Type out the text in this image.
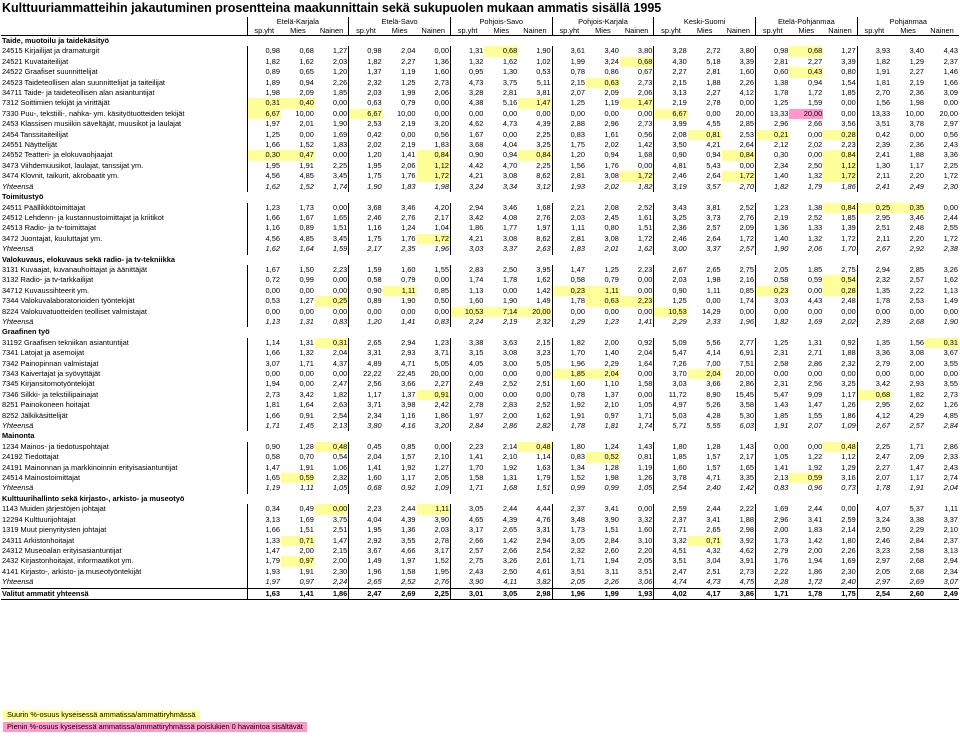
Kulttuuriammatteihin jakautuminen prosentteina maakunnittain sekä sukupuolen mukaan ammatis sisällä 1995
	Etelä-Karjala			Etelä-Savo			Pohjois-Savo			Pohjois-Karjala			Keski-Suomi			Etelä-Pohjanmaa			Pohjanmaa		
	sp.yht	Mies	Nainen	sp.yht	Mies	Nainen	sp.yht	Mies	Nainen	sp.yht	Mies	Nainen	sp.yht	Mies	Nainen	sp.yht	Mies	Nainen	sp.yht	Mies	Nainen
Taide, muotoilu ja taidekäsityö																					
24515 Kirjailijat ja dramaturgit	0,98	0,68	1,27	0,98	2,04	0,00	1,31	0,68	1,90	3,61	3,40	3,80	3,28	2,72	3,80	0,98	0,68	1,27	3,93	3,40	4,43
24521 Kuvataiteilijat	1,82	1,62	2,03	1,82	2,27	1,36	1,32	1,62	1,02	1,99	3,24	0,68	4,30	5,18	3,39	2,81	2,27	3,39	1,82	1,29	2,37
24522 Graafiset suunnittelijat	0,89	0,65	1,20	1,37	1,19	1,60	0,95	1,30	0,53	0,78	0,86	0,67	2,27	2,81	1,60	0,60	0,43	0,80	1,91	2,27	1,46
24523 Taideteollisen alan suunnittelijat ja taiteilijat	1,89	0,94	2,26	2,32	1,25	2,73	4,73	3,75	5,11	2,15	0,63	2,73	2,15	1,88	2,26	1,38	0,94	1,54	1,81	2,19	1,66
34711 Taide- ja taideteollisen alan asiantuntijat	1,98	2,09	1,85	2,03	1,99	2,06	3,28	2,81	3,81	2,07	2,09	2,06	3,13	2,27	4,12	1,78	1,72	1,85	2,70	2,36	3,09
7312 Soittimien tekijät ja virittäjät	0,31	0,40	0,00	0,63	0,79	0,00	4,38	5,16	1,47	1,25	1,19	1,47	2,19	2,78	0,00	1,25	1,59	0,00	1,56	1,98	0,00
7330 Puu-, tekstiili-, nahka- ym. käsityötuotteiden tekijät	6,67	10,00	0,00	6,67	10,00	0,00	0,00	0,00	0,00	0,00	0,00	0,00	6,67	0,00	20,00	13,33	20,00	0,00	13,33	10,00	20,00
2453 Klassisen musiikin säveltäjät, muusikot ja laulajat	1,97	2,01	1,90	2,53	2,19	3,20	4,62	4,73	4,39	2,88	2,96	2,73	3,99	4,55	2,85	2,96	2,66	3,56	3,51	3,78	2,97
2454 Tanssitaiteilijat	1,25	0,00	1,69	0,42	0,00	0,56	1,67	0,00	2,25	0,83	1,61	0,56	2,08	0,81	2,53	0,21	0,00	0,28	0,42	0,00	0,56
24551 Näyttelijät	1,66	1,52	1,83	2,02	2,19	1,83	3,68	4,04	3,25	1,75	2,02	1,42	3,50	4,21	2,64	2,12	2,02	2,23	2,39	2,36	2,43
24552 Teatteri- ja elokuvaohjaajat	0,30	0,47	0,00	1,20	1,41	0,84	0,90	0,94	0,84	1,20	0,94	1,68	0,90	0,94	0,84	0,30	0,00	0,84	2,41	1,88	3,36
3473 Viihdemuusikot, laulajat, tanssijat ym.	1,95	1,91	2,25	1,95	2,06	1,12	4,42	4,70	2,25	1,56	1,76	0,00	4,81	5,43	0,00	2,34	2,50	1,12	1,30	1,17	2,25
3474 Klovnit, taikurit, akrobaatit ym.	4,56	4,85	3,45	1,75	1,76	1,72	4,21	3,08	8,62	2,81	3,08	1,72	2,46	2,64	1,72	1,40	1,32	1,72	2,11	2,20	1,72
Yhteensä	1,62	1,52	1,74	1,90	1,83	1,98	3,24	3,34	3,12	1,93	2,02	1,82	3,19	3,57	2,70	1,82	1,79	1,86	2,41	2,49	2,30
Toimitustyö																					
24511 Päällikkötoimittajat	1,23	1,73	0,00	3,68	3,46	4,20	2,94	3,46	1,68	2,21	2,08	2,52	3,43	3,81	2,52	1,23	1,38	0,84	0,25	0,35	0,00
24512 Lehdenn- ja kustannustoimittajat ja kriitikot	1,66	1,67	1,65	2,46	2,76	2,17	3,42	4,08	2,76	2,03	2,45	1,61	3,25	3,73	2,76	2,19	2,52	1,85	2,95	3,46	2,44
24513 Radio- ja tv-toimittajat	1,16	0,89	1,51	1,16	1,24	1,04	1,86	1,77	1,97	1,11	0,80	1,51	2,36	2,57	2,09	1,36	1,33	1,39	2,51	2,48	2,55
3472 Juontajat, kuuluttajat ym.	4,56	4,85	3,45	1,75	1,76	1,72	4,21	3,08	8,62	2,81	3,08	1,72	2,46	2,64	1,72	1,40	1,32	1,72	2,11	2,20	1,72
Yhteensä	1,62	1,64	1,59	2,17	2,35	1,96	3,03	3,37	2,63	1,83	2,01	1,62	3,00	3,37	2,57	1,90	2,06	1,70	2,67	2,92	2,38
Valokuvaus, elokuvaus sekä radio- ja tv-tekniikka																					
3131 Kuvaajat, kuvanauhoittajat ja äänittäjät	1,67	1,50	2,23	1,59	1,60	1,55	2,83	2,50	3,95	1,47	1,25	2,23	2,67	2,65	2,75	2,05	1,85	2,75	2,94	2,85	3,26
3132 Radio- ja tv-tarkkailijat	0,72	0,99	0,00	0,58	0,79	0,00	1,74	1,78	1,62	0,58	0,79	0,00	2,03	1,98	2,16	0,58	0,59	0,54	2,32	2,57	1,62
34712 Kuvaussihteerit ym.	0,00	0,00	0,00	0,90	1,11	0,85	1,13	0,00	1,42	0,23	1,11	0,00	0,90	1,11	0,85	0,23	0,00	0,28	1,35	2,22	1,13
7344 Valokuvalaboratorioiden työntekijät	0,53	1,27	0,25	0,89	1,90	0,50	1,60	1,90	1,49	1,78	0,63	2,23	1,25	0,00	1,74	3,03	4,43	2,48	1,78	2,53	1,49
8224 Valokuvatuotteiden teolliset valmistajat	0,00	0,00	0,00	0,00	0,00	0,00	10,53	7,14	20,00	0,00	0,00	0,00	10,53	14,29	0,00	0,00	0,00	0,00	0,00	0,00	0,00
Yhteensä	1,13	1,31	0,83	1,20	1,41	0,83	2,24	2,19	2,32	1,29	1,23	1,41	2,29	2,33	1,96	1,82	1,69	2,02	2,39	2,68	1,90
Graafinen työ																					
31192 Graafisen tekniikan asiantuntijat	1,14	1,31	0,31	2,65	2,94	1,23	3,38	3,63	2,15	1,82	2,00	0,92	5,09	5,56	2,77	1,25	1,31	0,92	1,35	1,56	0,31
7341 Latojat ja asemoijat	1,66	1,32	2,04	3,31	2,93	3,71	3,15	3,08	3,23	1,70	1,40	2,04	5,47	4,14	6,91	2,31	2,71	1,88	3,36	3,08	3,67
7342 Painopinnan valmistajat	3,07	1,71	4,37	4,89	4,71	5,05	4,05	3,00	5,05	1,96	2,29	1,64	7,26	7,00	7,51	2,58	2,86	2,32	2,79	2,00	3,55
7343 Kaivertajat ja syövyttäjät	0,00	0,00	0,00	22,22	22,45	20,00	0,00	0,00	0,00	1,85	2,04	0,00	3,70	2,04	20,00	0,00	0,00	0,00	0,00	0,00	0,00
7345 Kirjansitomotyöntekijät	1,94	0,00	2,47	2,56	3,66	2,27	2,49	2,52	2,51	1,60	1,10	1,58	3,03	3,66	2,86	2,31	2,56	3,25	3,42	2,93	3,55
7346 Silkki- ja tekstiilipainajat	2,73	3,42	1,82	1,17	1,37	0,91	0,00	0,00	0,00	0,78	1,37	0,00	11,72	8,90	15,45	5,47	9,09	1,17	0,68	1,82	2,73
8251 Painokoneen hoitajat	1,81	1,64	2,63	3,71	3,98	2,42	2,78	2,83	2,52	1,92	2,10	1,05	4,97	5,26	3,58	1,43	1,47	1,26	2,95	2,62	1,26
8252 Jälkikäsittelijät	1,66	0,91	2,54	2,34	1,16	1,86	1,97	2,00	1,62	1,91	0,97	1,71	5,03	4,28	5,30	1,85	1,55	1,86	4,12	4,29	4,85
Yhteensä	1,71	1,45	2,13	3,80	4,16	3,20	2,84	2,86	2,82	1,78	1,81	1,74	5,71	5,55	6,03	1,91	2,07	1,09	2,67	2,57	2,84
Mainonta																					
1234 Mainos- ja tiedotuspohtajat	0,90	1,28	0,48	0,45	0,85	0,00	2,23	2,14	0,48	1,80	1,24	1,43	1,80	1,28	1,43	0,00	0,00	0,48	2,25	1,71	2,86
24192 Tiedottajat	0,58	0,70	0,54	2,04	1,57	2,10	1,41	2,10	1,14	0,83	0,52	0,81	1,85	1,57	2,17	1,05	1,22	1,12	2,47	2,09	2,33
24191 Mainonnan ja markkinoinnin erityisasiantuntijat	1,47	1,91	1,06	1,41	1,92	1,27	1,70	1,92	1,63	1,34	1,28	1,19	1,60	1,57	1,65	1,41	1,92	1,29	2,27	1,47	2,43
24514 Mainostoimittajat	1,65	0,59	2,32	1,60	1,17	2,05	1,58	1,31	1,79	1,52	1,98	1,26	3,78	4,71	3,35	2,13	0,59	3,16	2,07	1,17	2,74
Yhteensä	1,19	1,11	1,05	0,68	0,92	1,09	1,71	1,68	1,51	0,99	0,99	1,05	2,54	2,40	1,42	0,83	0,96	0,73	1,78	1,91	2,04
Kulttuurihallinto sekä kirjasto-, arkisto- ja museotyö																					
1143 Muiden järjestöjen johtajat	0,34	0,49	0,00	2,23	2,44	1,11	3,05	2,44	4,44	2,37	3,41	0,00	2,59	2,44	2,22	1,69	2,44	0,00	4,07	5,37	1,11
12294 Kulttuurijohtajat	3,13	1,69	3,75	4,04	4,39	3,90	4,65	4,39	4,76	3,48	3,90	3,32	2,37	3,41	1,88	2,96	3,41	2,59	3,24	3,38	3,37
1319 Muut pienyritysten johtajat	1,66	1,51	2,51	1,95	1,36	2,03	3,17	2,65	3,31	1,73	1,51	1,60	2,71	2,65	2,98	2,00	1,83	2,14	2,50	2,29	2,10
24311 Arkistonhoitajat	1,33	0,71	1,47	2,92	3,55	2,78	2,66	1,42	2,94	3,05	2,84	3,10	3,32	0,71	3,92	1,73	1,42	1,80	2,46	2,84	2,37
24312 Museoalan erityisasiantuntijat	1,47	2,00	2,15	3,67	4,66	3,17	2,57	2,66	2,54	2,32	2,60	2,20	4,51	4,32	4,62	2,79	2,00	2,26	3,23	2,58	3,13
2432 Kirjastonhoitajat, informaatikot ym.	1,79	0,97	2,00	1,49	1,97	1,52	2,75	3,26	2,61	1,71	1,94	2,05	3,51	3,04	3,91	1,76	1,94	1,69	2,97	2,68	2,94
4141 Kirjasto-, arkisto- ja museotyöntekijät	1,93	1,91	2,30	1,96	1,58	1,95	2,43	2,50	4,61	3,51	3,11	3,51	2,47	2,51	2,73	2,22	1,86	2,30	2,05	2,68	2,34
Yhteensä	1,97	0,97	2,24	2,65	2,52	2,76	3,90	4,11	3,82	2,05	2,26	3,06	4,74	4,73	4,75	2,28	1,72	2,40	2,97	2,69	3,07
Valitut ammatit yhteensä	1,63	1,41	1,86	2,47	2,69	2,25	3,01	3,05	2,98	1,96	1,99	1,93	4,02	4,17	3,86	1,71	1,78	1,75	2,54	2,60	2,49
Suurin %-osuus kyseisessä ammatissa/ammattiryhmässä
Pienin %-osuus kyseisessä ammatissa/ammattiryhmässä poislukien 0 havaintoa sisältävät
